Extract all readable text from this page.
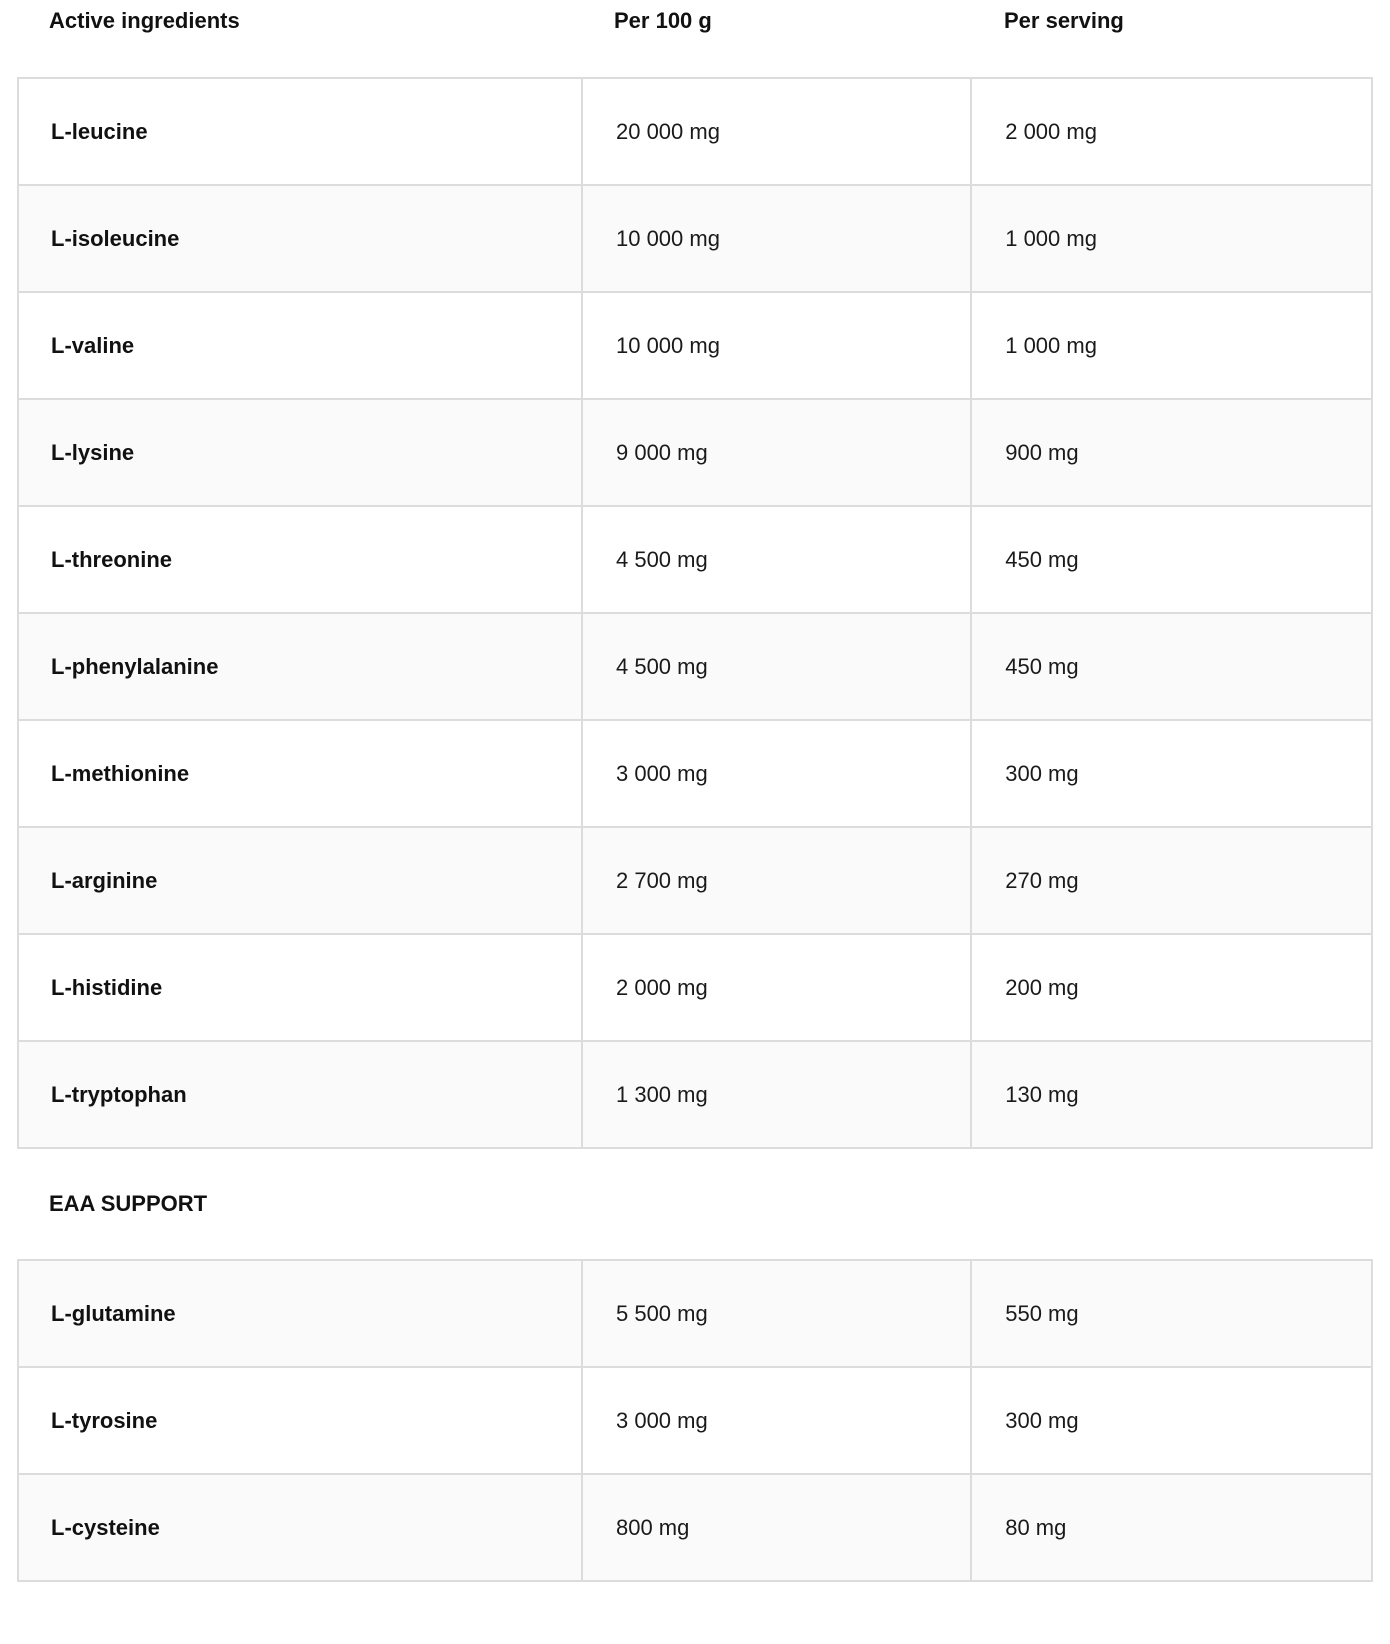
Active ingredients	Per 100 g	Per serving
L-leucine	20 000 mg	2 000 mg
L-isoleucine	10 000 mg	1 000 mg
L-valine	10 000 mg	1 000 mg
L-lysine	9 000 mg	900 mg
L-threonine	4 500 mg	450 mg
L-phenylalanine	4 500 mg	450 mg
L-methionine	3 000 mg	300 mg
L-arginine	2 700 mg	270 mg
L-histidine	2 000 mg	200 mg
L-tryptophan	1 300 mg	130 mg
EAA SUPPORT
L-glutamine	5 500 mg	550 mg
L-tyrosine	3 000 mg	300 mg
L-cysteine	800 mg	80 mg
